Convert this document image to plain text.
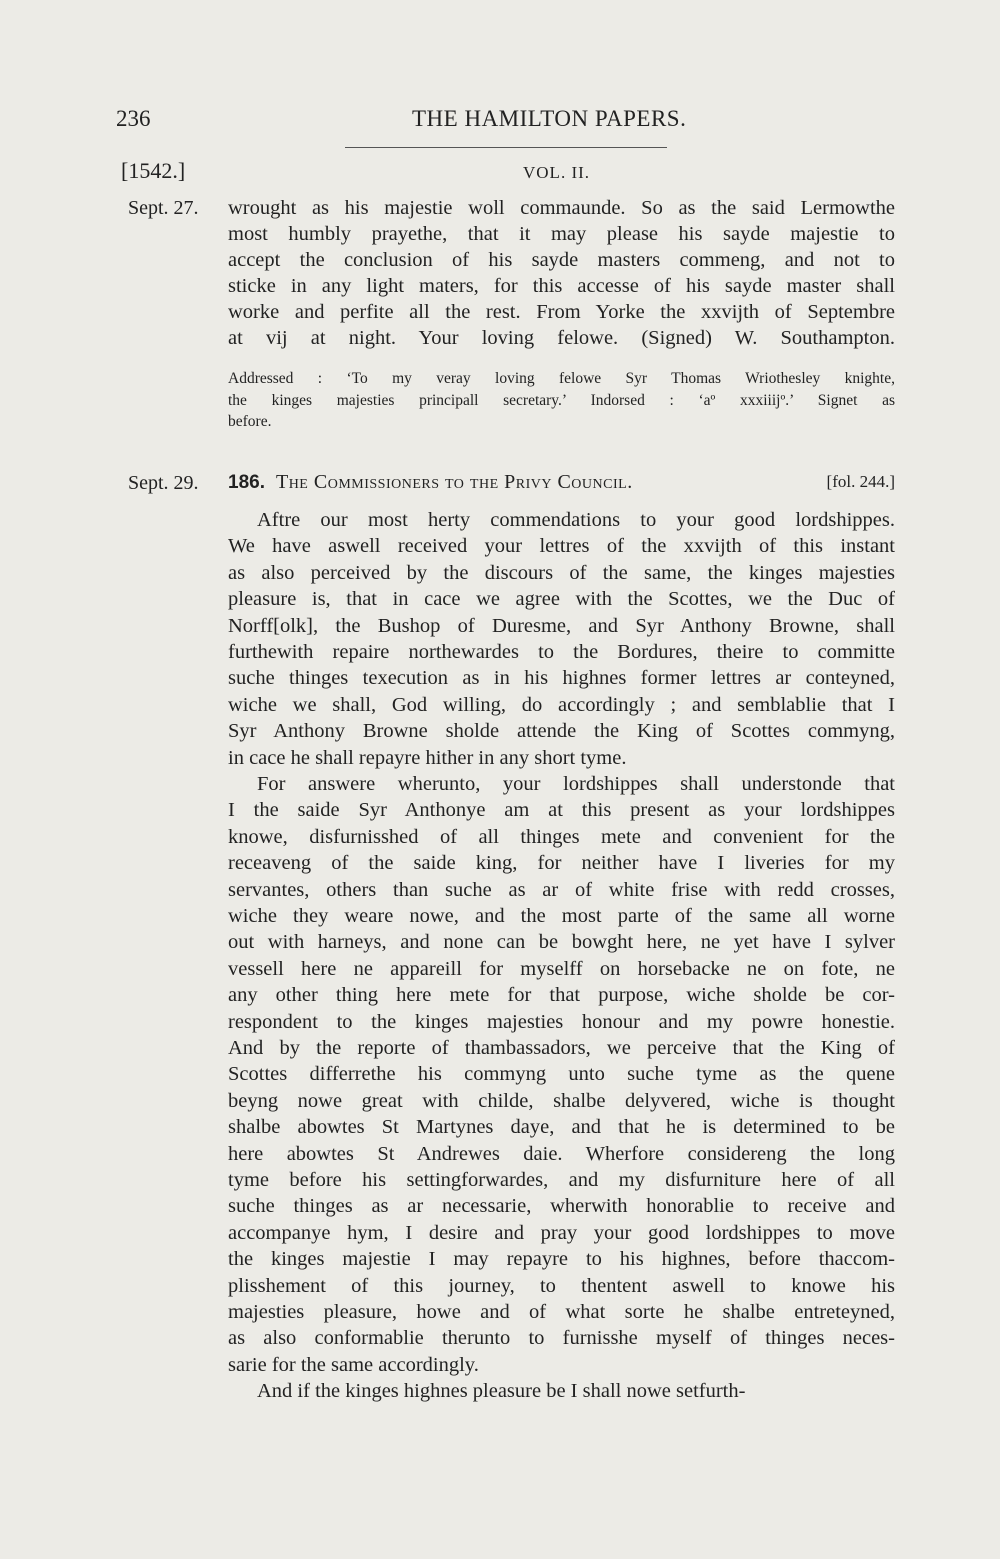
236	THE HAMILTON PAPERS.
[1542.]	VOL. II.
Sept. 27.
Sept. 29.
wrought as his majestie woll commaunde. So as the said Lermowthe
most humbly prayethe, that it may please his sayde majestie to
accept the conclusion of his sayde masters commeng, and not to
sticke in any light maters, for this accesse of his sayde master shall
worke and perfite all the rest. From Yorke the xxvijth of Septembre
at vij at night. Your loving felowe. (Signed) W. Southampton.
Addressed : ‘To my veray loving felowe Syr Thomas Wriothesley knighte,
the kinges majesties principall secretary.’ Indorsed : ‘aº xxxiiijº.’ Signet as
before.
186. The Commissioners to the Privy Council.	[fol. 244.]
Aftre our most herty commendations to your good lordshippes.
We have aswell received your lettres of the xxvijth of this instant
as also perceived by the discours of the same, the kinges majesties
pleasure is, that in cace we agree with the Scottes, we the Duc of
Norff[olk], the Bushop of Duresme, and Syr Anthony Browne, shall
furthewith repaire northewardes to the Bordures, theire to committe
suche thinges texecution as in his highnes former lettres ar conteyned,
wiche we shall, God willing, do accordingly ; and semblablie that I
Syr Anthony Browne sholde attende the King of Scottes commyng,
in cace he shall repayre hither in any short tyme.
For answere wherunto, your lordshippes shall understonde that
I the saide Syr Anthonye am at this present as your lordshippes
knowe, disfurnisshed of all thinges mete and convenient for the
receaveng of the saide king, for neither have I liveries for my
servantes, others than suche as ar of white frise with redd crosses,
wiche they weare nowe, and the most parte of the same all worne
out with harneys, and none can be bowght here, ne yet have I sylver
vessell here ne appareill for myselff on horsebacke ne on fote, ne
any other thing here mete for that purpose, wiche sholde be cor-
respondent to the kinges majesties honour and my powre honestie.
And by the reporte of thambassadors, we perceive that the King of
Scottes differrethe his commyng unto suche tyme as the quene
beyng nowe great with childe, shalbe delyvered, wiche is thought
shalbe abowtes St Martynes daye, and that he is determined to be
here abowtes St Andrewes daie. Wherfore considereng the long
tyme before his settingforwardes, and my disfurniture here of all
suche thinges as ar necessarie, wherwith honorablie to receive and
accompanye hym, I desire and pray your good lordshippes to move
the kinges majestie I may repayre to his highnes, before thaccom-
plisshement of this journey, to thentent aswell to knowe his
majesties pleasure, howe and of what sorte he shalbe entreteyned,
as also conformablie therunto to furnisshe myself of thinges neces-
sarie for the same accordingly.
And if the kinges highnes pleasure be I shall nowe setfurth-
